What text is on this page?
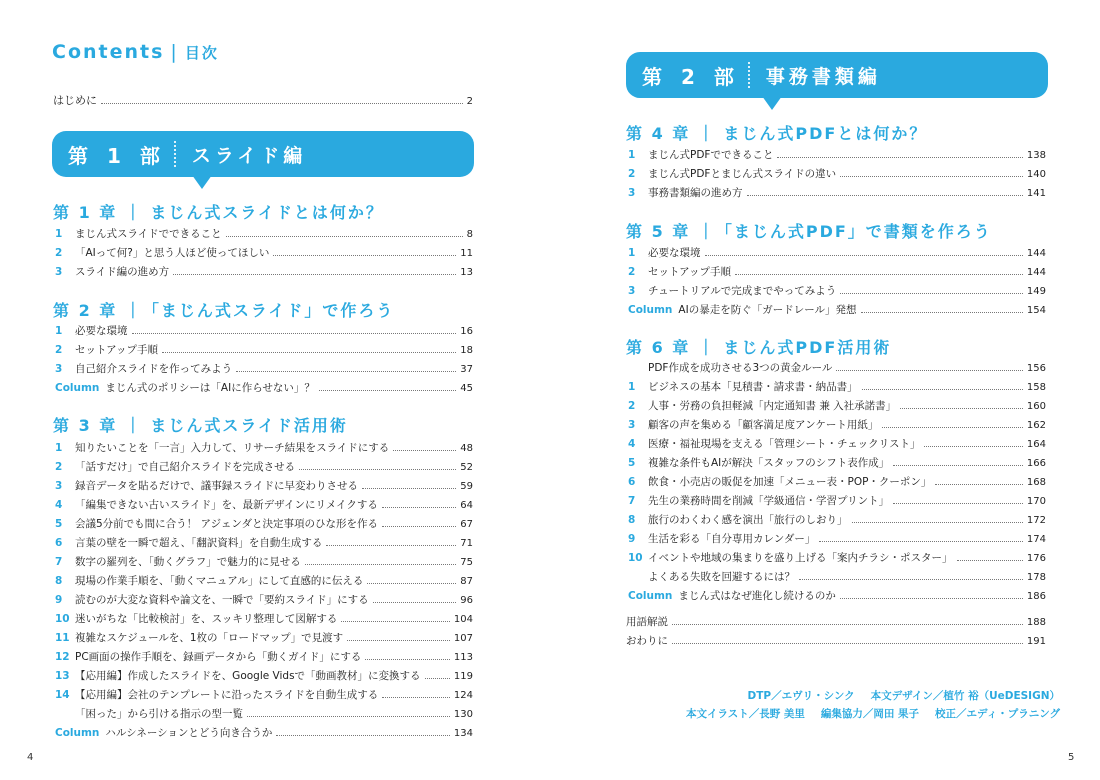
Contents | 目次
はじめに	2
第 1 部 スライド編
第 1 章 ｜ まじん式スライドとは何か？
1	まじん式スライドでできること	8
2	「AIって何?」と思う人ほど使ってほしい	11
3	スライド編の進め方	13
第 2 章 ｜「まじん式スライド」で作ろう
1	必要な環境	16
2	セットアップ手順	18
3	自己紹介スライドを作ってみよう	37
Column まじん式のポリシーは「AIに作らせない」？	45
第 3 章 ｜ まじん式スライド活用術
1	知りたいことを「一言」入力して、リサーチ結果をスライドにする	48
2	「話すだけ」で自己紹介スライドを完成させる	52
3	録音データを貼るだけで、議事録スライドに早変わりさせる	59
4	「編集できない古いスライド」を、最新デザインにリメイクする	64
5	会議5分前でも間に合う！ アジェンダと決定事項のひな形を作る	67
6	言葉の壁を一瞬で超え、「翻訳資料」を自動生成する	71
7	数字の羅列を、「動くグラフ」で魅力的に見せる	75
8	現場の作業手順を、「動くマニュアル」にして直感的に伝える	87
9	読むのが大変な資料や論文を、一瞬で「要約スライド」にする	96
10 迷いがちな「比較検討」を、スッキリ整理して図解する	104
11 複雑なスケジュールを、1枚の「ロードマップ」で見渡す	107
12 PC画面の操作手順を、録画データから「動くガイド」にする	113
13 【応用編】作成したスライドを、Google Vidsで「動画教材」に変換する	119
14 【応用編】会社のテンプレートに沿ったスライドを自動生成する	124
「困った」から引ける指示の型一覧	130
Column ハルシネーションとどう向き合うか	134
4
第 2 部 事務書類編
第 4 章 ｜ まじん式PDFとは何か？
1	まじん式PDFでできること	138
2	まじん式PDFとまじん式スライドの違い	140
3	事務書類編の進め方	141
第 5 章 ｜「まじん式PDF」で書類を作ろう
1	必要な環境	144
2	セットアップ手順	144
3	チュートリアルで完成までやってみよう	149
Column AIの暴走を防ぐ「ガードレール」発想	154
第 6 章 ｜ まじん式PDF活用術
PDF作成を成功させる3つの黄金ルール	156
1	ビジネスの基本「見積書・請求書・納品書」	158
2	人事・労務の負担軽減「内定通知書 兼 入社承諾書」	160
3	顧客の声を集める「顧客満足度アンケート用紙」	162
4	医療・福祉現場を支える「管理シート・チェックリスト」	164
5	複雑な条件もAIが解決「スタッフのシフト表作成」	166
6	飲食・小売店の販促を加速「メニュー表・POP・クーポン」	168
7	先生の業務時間を削減「学級通信・学習プリント」	170
8	旅行のわくわく感を演出「旅行のしおり」	172
9	生活を彩る「自分専用カレンダー」	174
10 イベントや地域の集まりを盛り上げる「案内チラシ・ポスター」	176
よくある失敗を回避するには？	178
Column まじん式はなぜ進化し続けるのか	186
用語解説	188
おわりに	191
DTP／エヴリ・シンク 本文デザイン／植竹 裕（UeDESIGN）
本文イラスト／長野 美里 編集協力／岡田 果子 校正／エディ・プラニング
5
